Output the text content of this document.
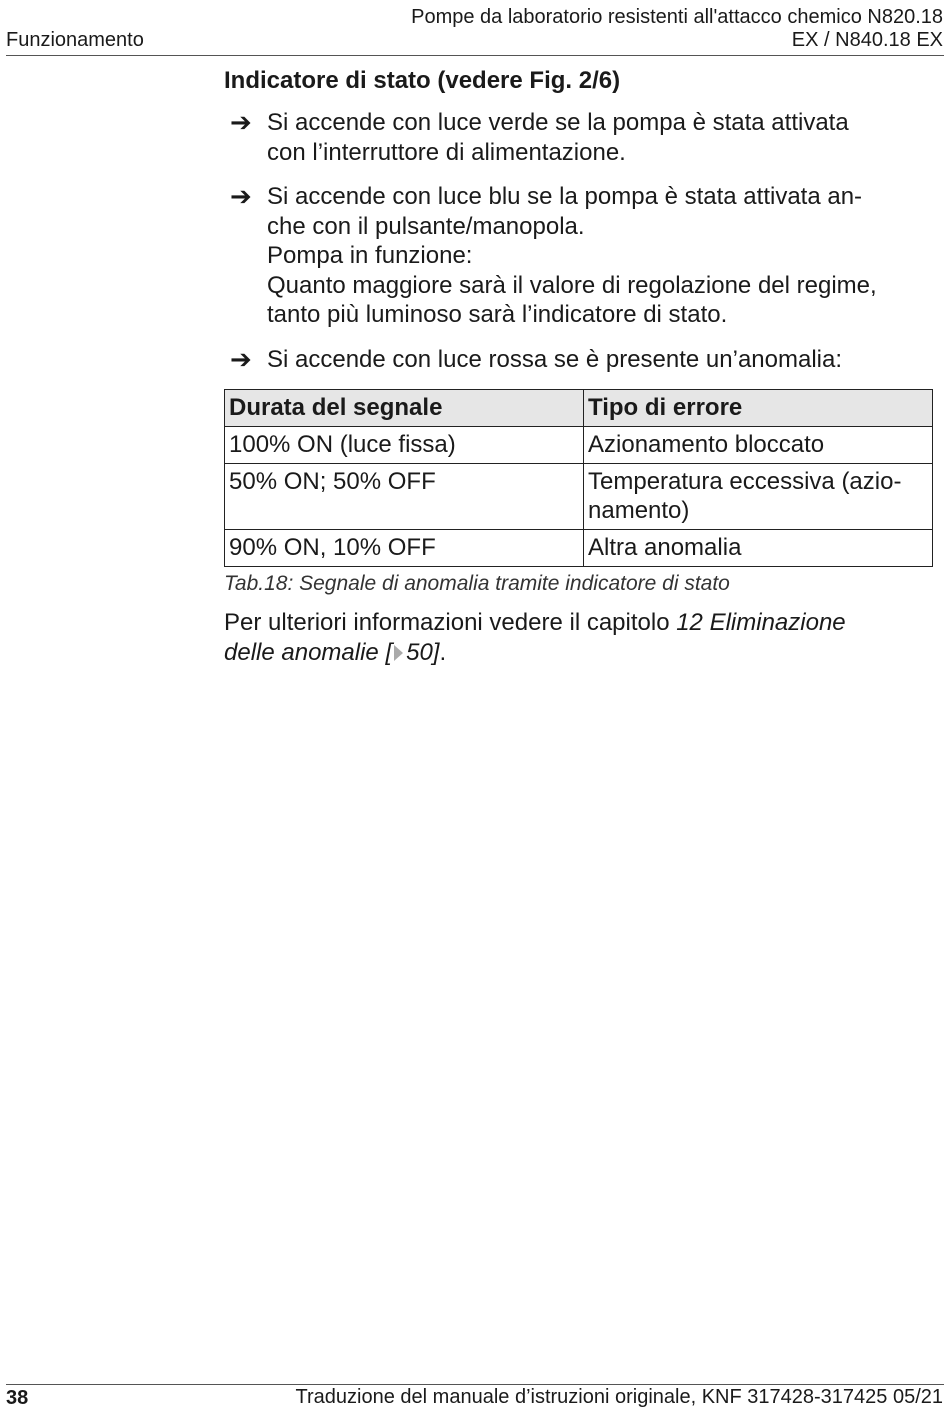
Funzionamento
Pompe da laboratorio resistenti all'attacco chemico N820.18
EX / N840.18 EX
Indicatore di stato (vedere Fig. 2/6)
➔ Si accende con luce verde se la pompa è stata attivata

con l’interruttore di alimentazione.

➔ Si accende con luce blu se la pompa è stata attivata an-

che con il pulsante/manopola.

Pompa in funzione:

Quanto maggiore sarà il valore di regolazione del regime,

tanto più luminoso sarà l’indicatore di stato.

➔ Si accende con luce rossa se è presente un’anomalia:

Durata del segnale	Tipo di errore
100% ON (luce fissa)	Azionamento bloccato
50% ON; 50% OFF	Temperatura eccessiva (azio-
namento)

90% ON, 10% OFF	Altra anomalia
Tab.18: Segnale di anomalia tramite indicatore di stato
Per ulteriori informazioni vedere il capitolo 12 Eliminazione
delle anomalie [ 50].
38	Traduzione del manuale d’istruzioni originale, KNF 317428-317425 05/21
